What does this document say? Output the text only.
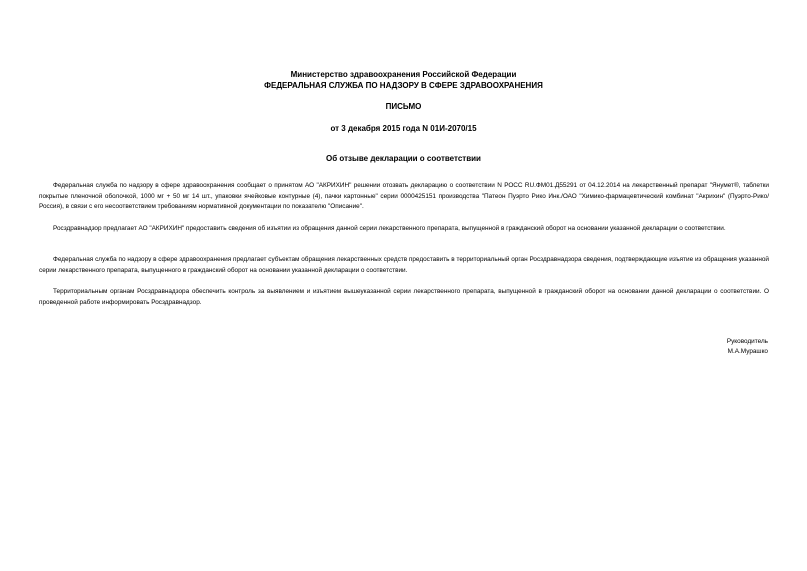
Министерство здравоохранения Российской Федерации
ФЕДЕРАЛЬНАЯ СЛУЖБА ПО НАДЗОРУ В СФЕРЕ ЗДРАВООХРАНЕНИЯ
ПИСЬМО
от 3 декабря 2015 года N 01И-2070/15
Об отзыве декларации о соответствии

Федеральная служба по надзору в сфере здравоохранения сообщает о принятом АО "АКРИХИН" решении отозвать декларацию о соответствии N РОСС RU.ФМ01.Д55291 от 04.12.2014 на лекарственный препарат "Янумет®, таблетки покрытые пленочной оболочкой, 1000 мг + 50 мг 14 шт., упаковки ячейковые контурные (4), пачки картонные" серии 0000425151 производства "Патеон Пуэрто Рико Инк./ОАО "Химико-фармацевтический комбинат "Акрихин" (Пуэрто-Рико/Россия), в связи с его несоответствием требованиям нормативной документации по показателю "Описание".

Росздравнадзор предлагает АО "АКРИХИН" предоставить сведения об изъятии из обращения данной серии лекарственного препарата, выпущенной в гражданский оборот на основании указанной декларации о соответствии.

Федеральная служба по надзору в сфере здравоохранения предлагает субъектам обращения лекарственных средств предоставить в территориальный орган Росздравнадзора сведения, подтверждающие изъятие из обращения указанной серии лекарственного препарата, выпущенного в гражданский оборот на основании указанной декларации о соответствии.

Территориальным органам Росздравнадзора обеспечить контроль за выявлением и изъятием вышеуказанной серии лекарственного препарата, выпущенной в гражданский оборот на основании данной декларации о соответствии. О проведенной работе информировать Росздравнадзор.

Руководитель
М.А.Мурашко
